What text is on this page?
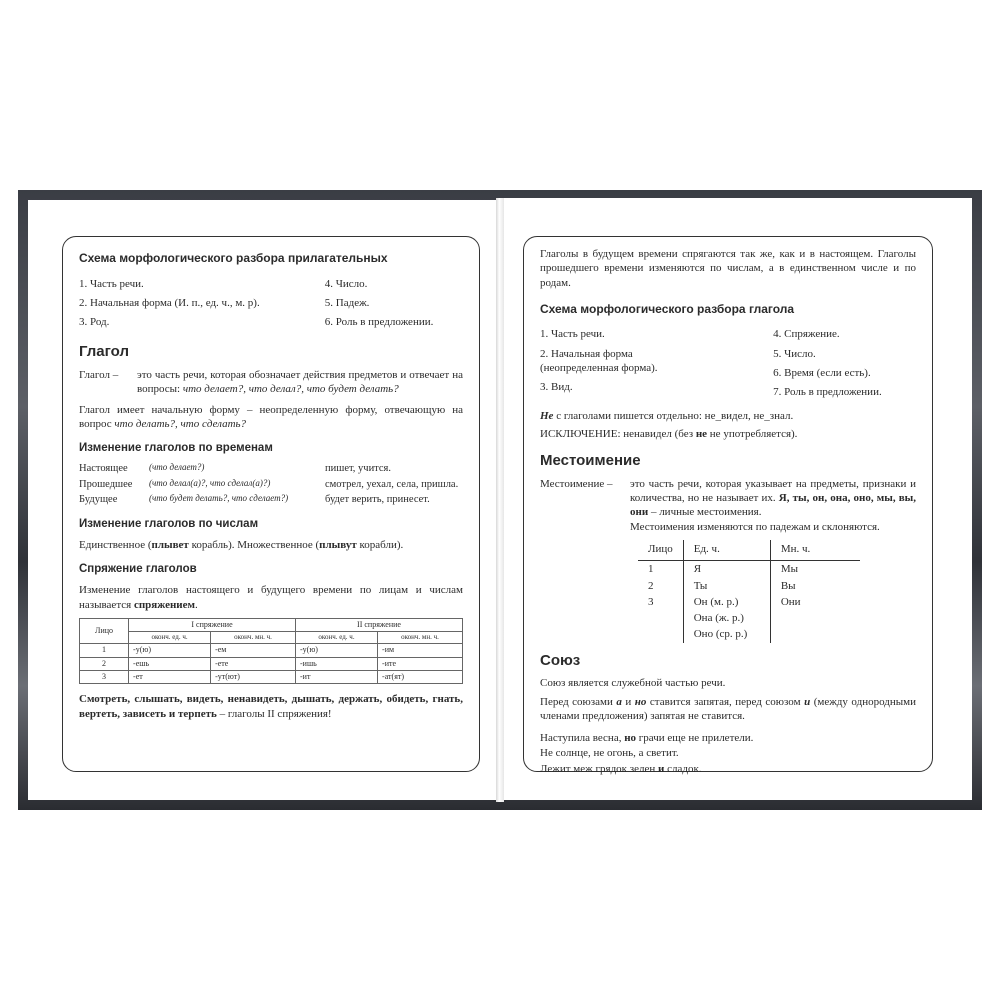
Схема морфологического разбора прилагательных
1. Часть речи.
2. Начальная форма (И. п., ед. ч., м. р).
3. Род.
4. Число.
5. Падеж.
6. Роль в предложении.
Глагол
Глагол –	это часть речи, которая обозначает действия предметов и отвечает на вопросы: что делает?, что делал?, что будет делать?

Глагол имеет начальную форму – неопределенную форму, отвечающую на вопрос что делать?, что сделать?

Изменение глаголов по временам
Настоящее	(что делает?)	пишет, учится.
Прошедшее	(что делал(а)?, что сделал(а)?)	смотрел, уехал, села, пришла.
Будущее	(что будет делать?, что сделает?)	будет верить, принесет.
Изменение глаголов по числам

Единственное (плывет корабль). Множественное (плывут корабли).

Спряжение глаголов

Изменение глаголов настоящего и будущего времени по лицам и числам называется спряжением.

Лицо	I спряжение		II спряжение	
	оконч. ед. ч.	оконч. мн. ч.	оконч. ед. ч.	оконч. мн. ч.
1	-у(ю)	-ем	-у(ю)	-им
2	-ешь	-ете	-ишь	-ите
3	-ет	-ут(ют)	-ит	-ат(ят)

Смотреть, слышать, видеть, ненавидеть, дышать, держать, обидеть, гнать, вертеть, зависеть и терпеть – глаголы II спряжения!

Глаголы в будущем времени спрягаются так же, как и в настоящем. Глаголы прошедшего времени изменяются по числам, а в единственном числе и по родам.

Схема морфологического разбора глагола
1. Часть речи.
2. Начальная форма (неопределенная форма).
3. Вид.
4. Спряжение.
5. Число.
6. Время (если есть).
7. Роль в предложении.

Не с глаголами пишется отдельно: не_видел, не_знал.

ИСКЛЮЧЕНИЕ: ненавидел (без не не употребляется).

Местоимение
Местоимение –	это часть речи, которая указывает на предметы, признаки и количества, но не называет их. Я, ты, он, она, оно, мы, вы, они – личные местоимения.
Местоимения изменяются по падежам и склоняются.
Лицо	Ед. ч.	Мн. ч.
1	Я	Мы
2	Ты	Вы
3	Он (м. р.)	Они
	Она (ж. р.)	
	Оно (ср. р.)	
Союз

Союз является служебной частью речи.

Перед союзами а и но ставится запятая, перед союзом и (между однородными членами предложения) запятая не ставится.

Наступила весна, но грачи еще не прилетели.

Не солнце, не огонь, а светит.

Лежит меж грядок зелен и сладок.
